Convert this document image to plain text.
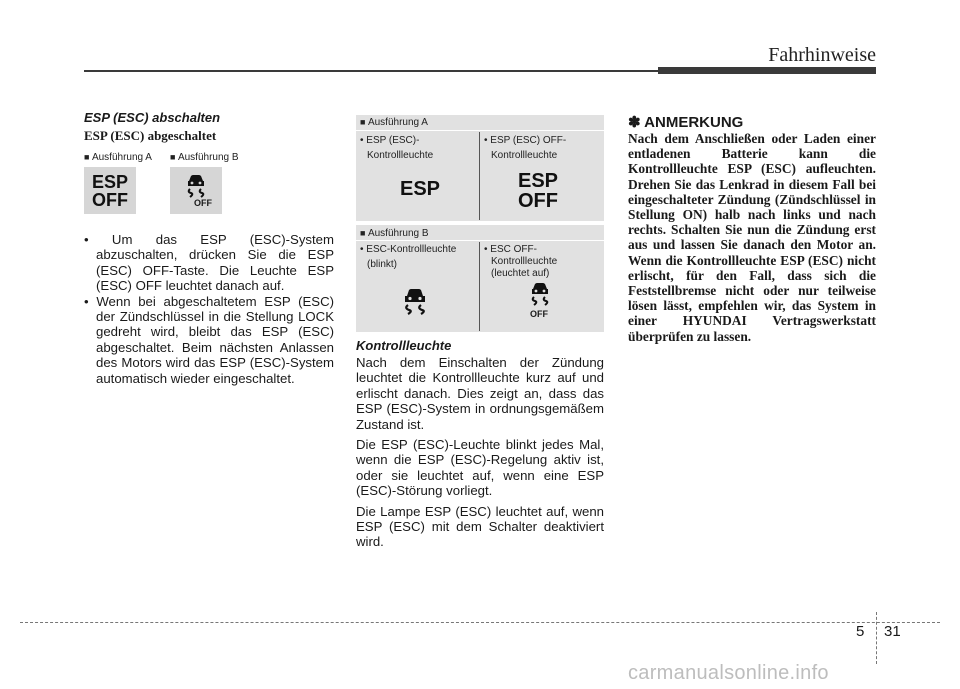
Fahrhinweise
ESP (ESC) abschalten
ESP (ESC) abgeschaltet
■ Ausführung A
■	Ausführung B
ESP
OFF	OFF
• Um das ESP (ESC)-System abzuschalten, drücken Sie die ESP (ESC) OFF-Taste. Die Leuchte ESP (ESC) OFF leuchtet danach auf.
• Wenn bei abgeschaltetem ESP (ESC) der Zündschlüssel in die Stellung LOCK gedreht wird, bleibt das ESP (ESC) abgeschaltet. Beim nächsten Anlassen des Motors wird das ESP (ESC)-System automatisch wieder eingeschaltet.
■ Ausführung A
• ESP (ESC)-
Kontrollleuchte
• ESP (ESC) OFF-
Kontrollleuchte
ESP	ESP
OFF
■ Ausführung B
• ESC-Kontrollleuchte
(blinkt)
• ESC OFF-
Kontrollleuchte
(leuchtet auf)
OFF
Kontrollleuchte

Nach dem Einschalten der Zündung leuchtet die Kontrollleuchte kurz auf und erlischt danach. Dies zeigt an, dass das ESP (ESC)-System in ordnungsgemäßem Zustand ist.

Die ESP (ESC)-Leuchte blinkt jedes Mal, wenn die ESP (ESC)-Regelung aktiv ist, oder sie leuchtet auf, wenn eine ESP (ESC)-Störung vorliegt.

Die Lampe ESP (ESC) leuchtet auf, wenn ESP (ESC) mit dem Schalter deaktiviert wird.

✽ ANMERKUNG
Nach dem Anschließen oder Laden einer entladenen Batterie kann die Kontrollleuchte ESP (ESC) aufleuchten. Drehen Sie das Lenkrad in diesem Fall bei eingeschalteter Zündung (Zündschlüssel in Stellung ON) halb nach links und nach rechts. Schalten Sie nun die Zündung erst aus und lassen Sie danach den Motor an. Wenn die Kontrollleuchte ESP (ESC) nicht erlischt, für den Fall, dass sich die Feststellbremse nicht oder nur teilweise lösen lässt, empfehlen wir, das System in einer HYUNDAI Vertragswerkstatt überprüfen zu lassen.
5 31
carmanualsonline.info
